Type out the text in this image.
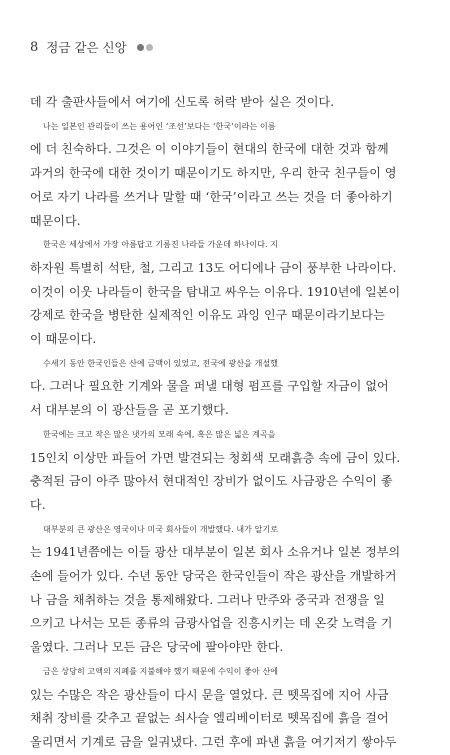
8 정금 같은 신앙
데 각 출판사들에서 여기에 신도록 허락 받아 실은 것이다.
나는 일본인 관리들이 쓰는 용어인 ‘조선’보다는 ‘한국’이라는 이름
에 더 친숙하다. 그것은 이 이야기들이 현대의 한국에 대한 것과 함께
과거의 한국에 대한 것이기 때문이기도 하지만, 우리 한국 친구들이 영
어로 자기 나라를 쓰거나 말할 때 ‘한국’이라고 쓰는 것을 더 좋아하기
때문이다.
한국은 세상에서 가장 아름답고 기름진 나라들 가운데 하나이다. 지
하자원 특별히 석탄, 철, 그리고 13도 어디에나 금이 풍부한 나라이다.
이것이 이웃 나라들이 한국을 탐내고 싸우는 이유다. 1910년에 일본이
강제로 한국을 병탄한 실제적인 이유도 과잉 인구 때문이라기보다는
이 때문이다.
수세기 동안 한국인들은 산에 금맥이 있었고, 전국에 광산을 개설했
다. 그러나 필요한 기계와 물을 퍼낼 대형 펌프를 구입할 자금이 없어
서 대부분의 이 광산들을 곧 포기했다.
한국에는 크고 작은 많은 냇가의 모래 속에, 혹은 많은 넓은 계곡을
15인치 이상만 파들어 가면 발견되는 청회색 모래흙층 속에 금이 있다.
충적된 금이 아주 많아서 현대적인 장비가 없이도 사금광은 수익이 좋
다.
대부분의 큰 광산은 영국이나 미국 회사들이 개발했다. 내가 알기로
는 1941년쯤에는 이들 광산 대부분이 일본 회사 소유거나 일본 정부의
손에 들어가 있다. 수년 동안 당국은 한국인들이 작은 광산을 개발하거
나 금을 채취하는 것을 통제해왔다. 그러나 만주와 중국과 전쟁을 일
으키고 나서는 모든 종류의 금광사업을 진흥시키는 데 온갖 노력을 기
울였다. 그러나 모든 금은 당국에 팔아야만 한다.
금은 상당히 고액의 지폐를 지불해야 했기 때문에 수익이 좋아 산에
있는 수많은 작은 광산들이 다시 문을 열었다. 큰 뗏목집에 지어 사금
채취 장비를 갖추고 끝없는 쇠사슬 엘리베이터로 뗏목집에 흙을 걸어
올리면서 기계로 금을 일궈냈다. 그런 후에 파낸 흙을 여기저기 쌓아두
